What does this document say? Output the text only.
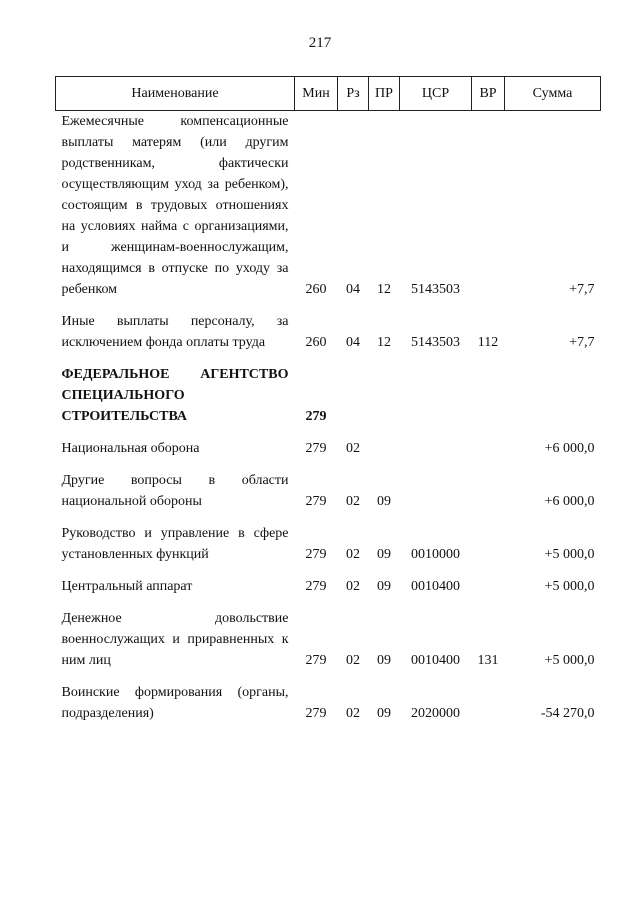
217
Наименование	Мин	Рз	ПР	ЦСР	ВР	Сумма
Ежемесячные компенсационные выплаты матерям (или другим родственникам, фактически осуществляющим уход за ребенком), состоящим в трудовых отношениях на условиях найма с организациями, и женщинам-военнослужащим, находящимся в отпуске по уходу за ребенком	260	04	12	5143503		+7,7

Иные выплаты персоналу, за исключением фонда оплаты труда	260	04	12	5143503	112	+7,7

ФЕДЕРАЛЬНОЕ АГЕНТСТВО СПЕЦИАЛЬНОГО СТРОИТЕЛЬСТВА	279					

Национальная оборона	279	02				+6 000,0

Другие вопросы в области национальной обороны	279	02	09			+6 000,0

Руководство и управление в сфере установленных функций	279	02	09	0010000		+5 000,0

Центральный аппарат	279	02	09	0010400		+5 000,0

Денежное довольствие военнослужащих и приравненных к ним лиц	279	02	09	0010400	131	+5 000,0

Воинские формирования (органы, подразделения)	279	02	09	2020000		-54 270,0
